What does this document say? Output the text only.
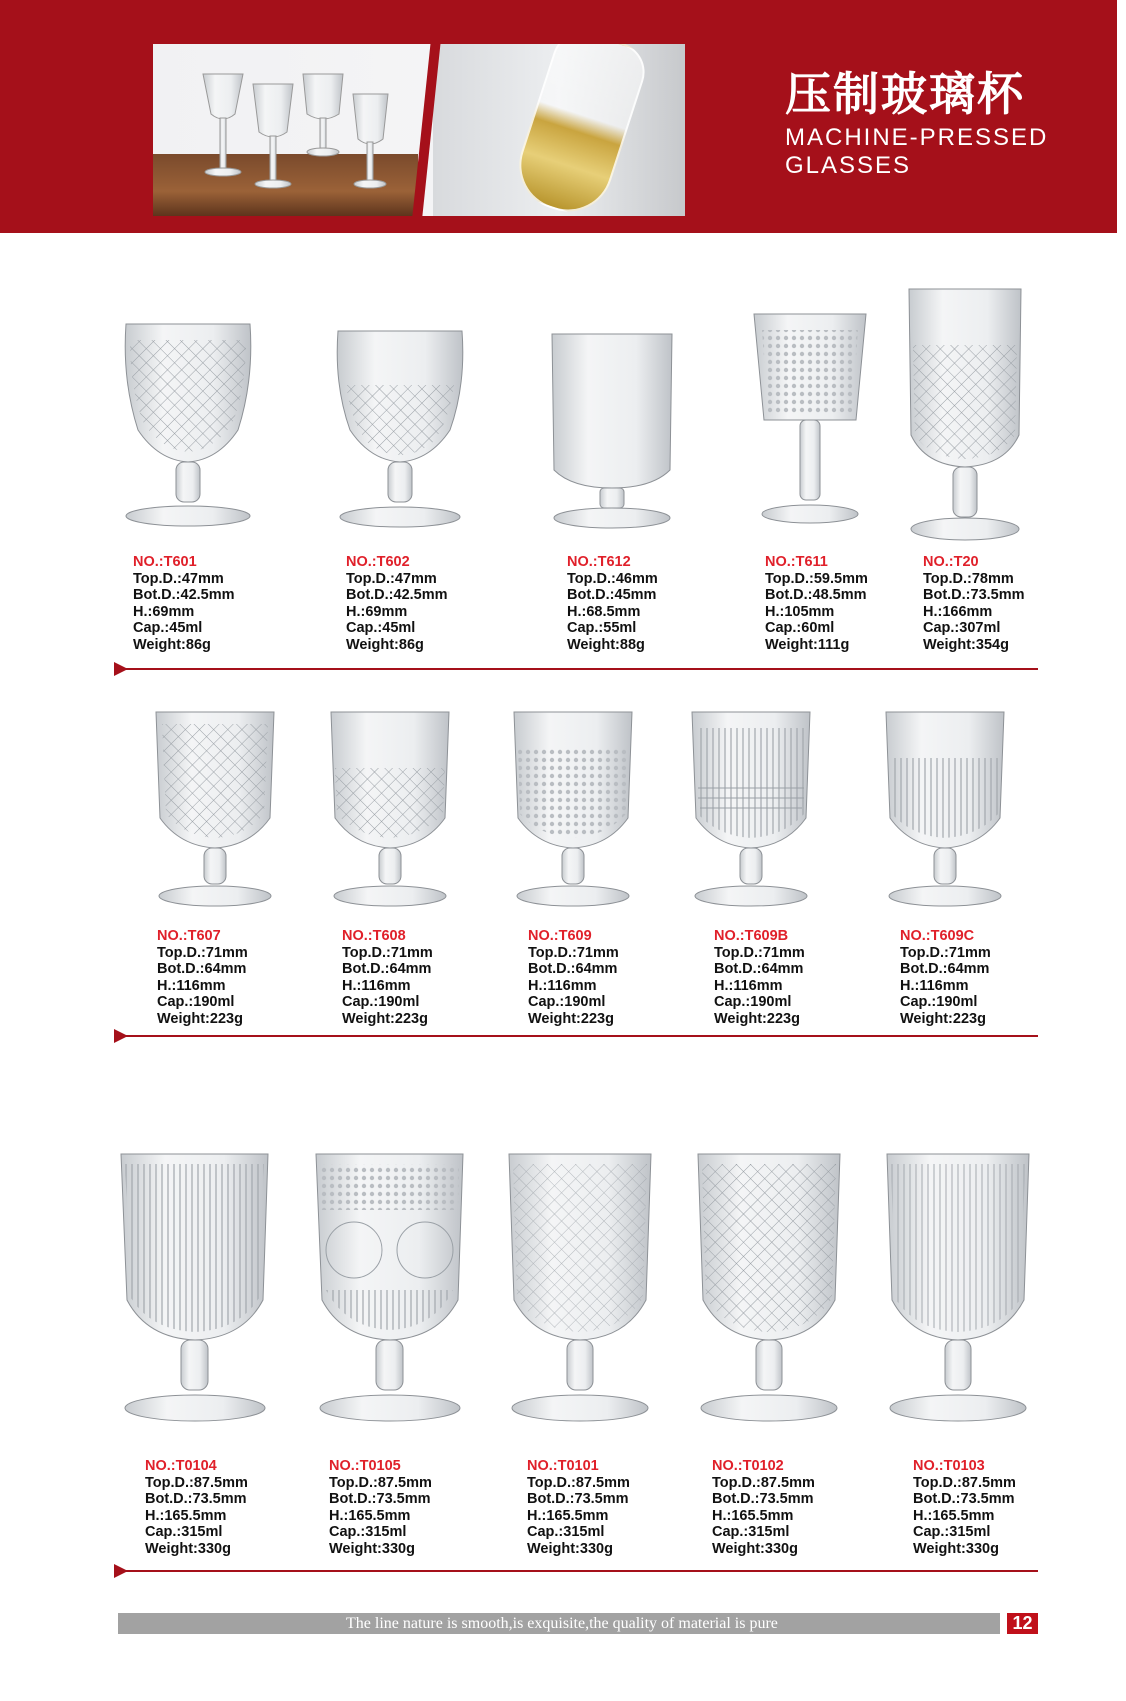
压制玻璃杯
MACHINE-PRESSED
GLASSES
NO.:T601
Top.D.:47mm
Bot.D.:42.5mm
H.:69mm
Cap.:45ml
Weight:86g
NO.:T602
Top.D.:47mm
Bot.D.:42.5mm
H.:69mm
Cap.:45ml
Weight:86g
NO.:T612
Top.D.:46mm
Bot.D.:45mm
H.:68.5mm
Cap.:55ml
Weight:88g
NO.:T611
Top.D.:59.5mm
Bot.D.:48.5mm
H.:105mm
Cap.:60ml
Weight:111g
NO.:T20
Top.D.:78mm
Bot.D.:73.5mm
H.:166mm
Cap.:307ml
Weight:354g
NO.:T607
Top.D.:71mm
Bot.D.:64mm
H.:116mm
Cap.:190ml
Weight:223g
NO.:T608
Top.D.:71mm
Bot.D.:64mm
H.:116mm
Cap.:190ml
Weight:223g
NO.:T609
Top.D.:71mm
Bot.D.:64mm
H.:116mm
Cap.:190ml
Weight:223g
NO.:T609B
Top.D.:71mm
Bot.D.:64mm
H.:116mm
Cap.:190ml
Weight:223g
NO.:T609C
Top.D.:71mm
Bot.D.:64mm
H.:116mm
Cap.:190ml
Weight:223g
NO.:T0104
Top.D.:87.5mm
Bot.D.:73.5mm
H.:165.5mm
Cap.:315ml
Weight:330g
NO.:T0105
Top.D.:87.5mm
Bot.D.:73.5mm
H.:165.5mm
Cap.:315ml
Weight:330g
NO.:T0101
Top.D.:87.5mm
Bot.D.:73.5mm
H.:165.5mm
Cap.:315ml
Weight:330g
NO.:T0102
Top.D.:87.5mm
Bot.D.:73.5mm
H.:165.5mm
Cap.:315ml
Weight:330g
NO.:T0103
Top.D.:87.5mm
Bot.D.:73.5mm
H.:165.5mm
Cap.:315ml
Weight:330g
The line nature is smooth,is exquisite,the quality of material is pure	12
